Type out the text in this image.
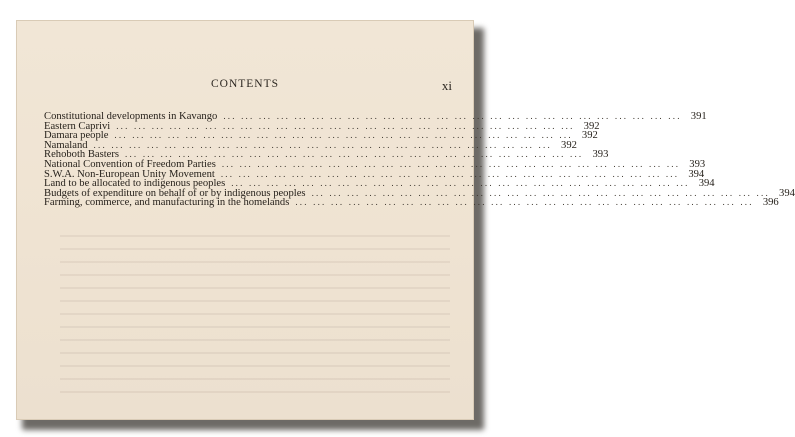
CONTENTS	xi
Constitutional developments in Kavango ... ... ... ... ... ... ... ... ... ... ... ... ... ... ... ... ... ... ... ... ... ... ... ... ... ... 391
Eastern Caprivi ... ... ... ... ... ... ... ... ... ... ... ... ... ... ... ... ... ... ... ... ... ... ... ... ... ... 392
Damara people ... ... ... ... ... ... ... ... ... ... ... ... ... ... ... ... ... ... ... ... ... ... ... ... ... ... 392
Namaland ... ... ... ... ... ... ... ... ... ... ... ... ... ... ... ... ... ... ... ... ... ... ... ... ... ... 392
Rehoboth Basters ... ... ... ... ... ... ... ... ... ... ... ... ... ... ... ... ... ... ... ... ... ... ... ... ... ... 393
National Convention of Freedom Parties ... ... ... ... ... ... ... ... ... ... ... ... ... ... ... ... ... ... ... ... ... ... ... ... ... ... 393
S.W.A. Non-European Unity Movement ... ... ... ... ... ... ... ... ... ... ... ... ... ... ... ... ... ... ... ... ... ... ... ... ... ... 394
Land to be allocated to indigenous peoples ... ... ... ... ... ... ... ... ... ... ... ... ... ... ... ... ... ... ... ... ... ... ... ... ... ... 394
Budgets of expenditure on behalf of or by indigenous peoples ... ... ... ... ... ... ... ... ... ... ... ... ... ... ... ... ... ... ... ... ... ... ... ... ... ... 394
Farming, commerce, and manufacturing in the homelands ... ... ... ... ... ... ... ... ... ... ... ... ... ... ... ... ... ... ... ... ... ... ... ... ... ... 396
